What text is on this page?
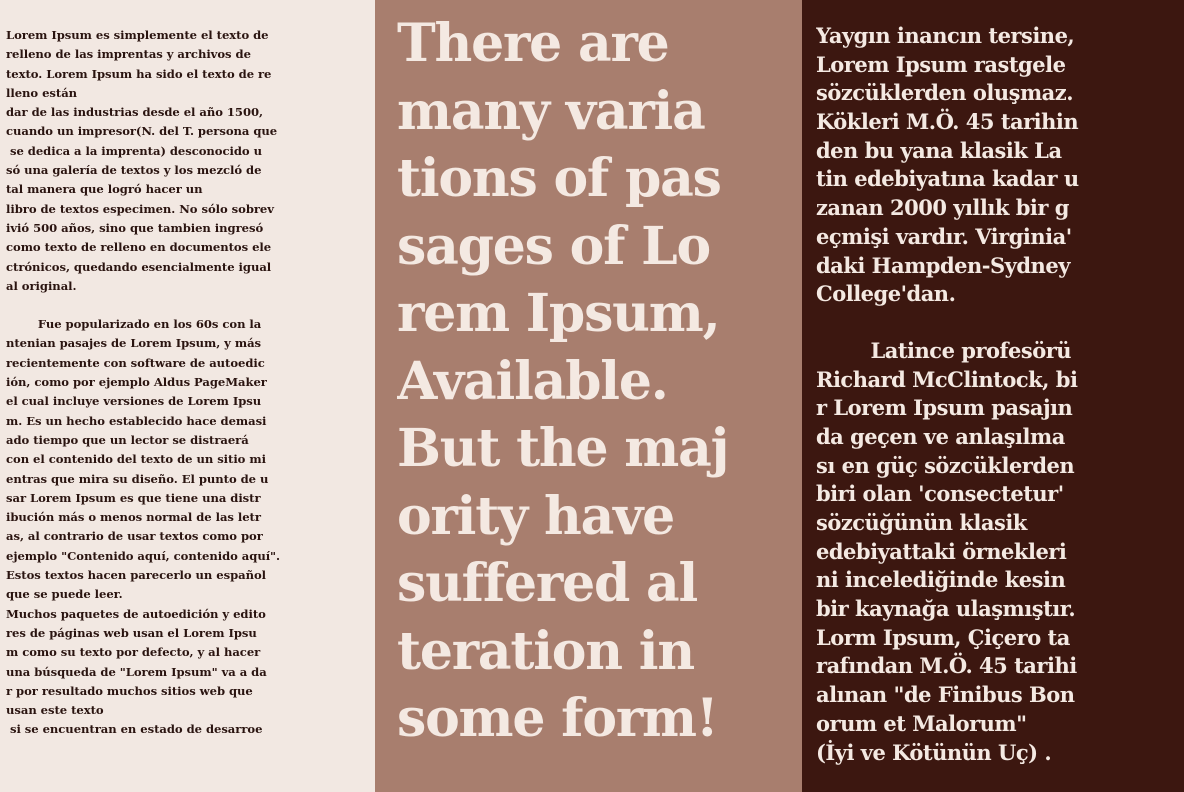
Lorem Ipsum es simplemente el texto de
relleno de las imprentas y archivos de
texto. Lorem Ipsum ha sido el texto de re
lleno están
dar de las industrias desde el año 1500,
cuando un impresor(N. del T. persona que
se dedica a la imprenta) desconocido u
só una galería de textos y los mezcló de
tal manera que logró hacer un
libro de textos especimen. No sólo sobrev
ivió 500 años, sino que tambien ingresó
como texto de relleno en documentos ele
ctrónicos, quedando esencialmente igual
al original.
Fue popularizado en los 60s con la
ntenian pasajes de Lorem Ipsum, y más
recientemente con software de autoedic
ión, como por ejemplo Aldus PageMaker
el cual incluye versiones de Lorem Ipsu
m. Es un hecho establecido hace demasi
ado tiempo que un lector se distraerá
con el contenido del texto de un sitio mi
entras que mira su diseño. El punto de u
sar Lorem Ipsum es que tiene una distr
ibución más o menos normal de las letr
as, al contrario de usar textos como por
ejemplo "Contenido aquí, contenido aquí".
Estos textos hacen parecerlo un español
que se puede leer.
Muchos paquetes de autoedición y edito
res de páginas web usan el Lorem Ipsu
m como su texto por defecto, y al hacer
una búsqueda de "Lorem Ipsum" va a da
r por resultado muchos sitios web que
usan este texto
si se encuentran en estado de desarroe
There are
many varia
tions of pas
sages of Lo
rem Ipsum,
Available.
But the maj
ority have
suffered al
teration in
some form!
Yaygın inancın tersine,
Lorem Ipsum rastgele
sözcüklerden oluşmaz.
Kökleri M.Ö. 45 tarihin
den bu yana klasik La
tin edebiyatına kadar u
zanan 2000 yıllık bir g
eçmişi vardır. Virginia'
daki Hampden-Sydney
College'dan.
Latince profesörü
Richard McClintock, bi
r Lorem Ipsum pasajın
da geçen ve anlaşılma
sı en güç sözcüklerden
biri olan 'consectetur'
sözcüğünün klasik
edebiyattaki örnekleri
ni incelediğinde kesin
bir kaynağa ulaşmıştır.
Lorm Ipsum, Çiçero ta
rafından M.Ö. 45 tarihi
alınan "de Finibus Bon
orum et Malorum"
(İyi ve Kötünün Uç) .
